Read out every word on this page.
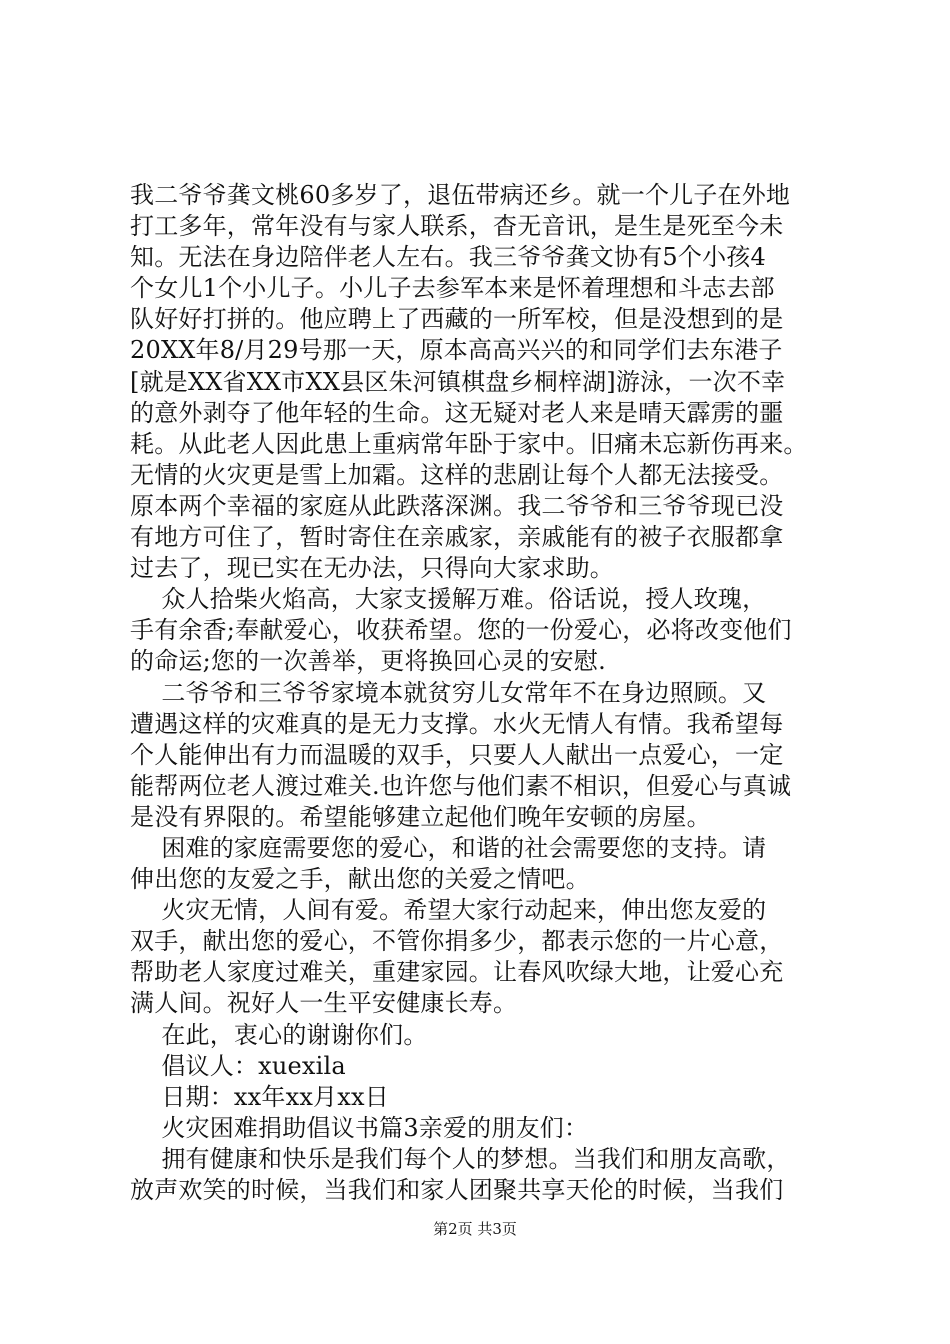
我二爷爷龚文桃60多岁了，退伍带病还乡。就一个儿子在外地
打工多年，常年没有与家人联系，杳无音讯，是生是死至今未
知。无法在身边陪伴老人左右。我三爷爷龚文协有5个小孩4
个女儿1个小儿子。小儿子去参军本来是怀着理想和斗志去部
队好好打拼的。他应聘上了西藏的一所军校，但是没想到的是
20XX年8/月29号那一天，原本高高兴兴的和同学们去东港子
[就是XX省XX市XX县区朱河镇棋盘乡桐梓湖]游泳，一次不幸
的意外剥夺了他年轻的生命。这无疑对老人来是晴天霹雳的噩
耗。从此老人因此患上重病常年卧于家中。旧痛未忘新伤再来。
无情的火灾更是雪上加霜。这样的悲剧让每个人都无法接受。
原本两个幸福的家庭从此跌落深渊。我二爷爷和三爷爷现已没
有地方可住了，暂时寄住在亲戚家，亲戚能有的被子衣服都拿
过去了，现已实在无办法，只得向大家求助。
众人拾柴火焰高，大家支援解万难。俗话说，授人玫瑰，
手有余香;奉献爱心，收获希望。您的一份爱心，必将改变他们
的命运;您的一次善举，更将换回心灵的安慰.
二爷爷和三爷爷家境本就贫穷儿女常年不在身边照顾。又
遭遇这样的灾难真的是无力支撑。水火无情人有情。我希望每
个人能伸出有力而温暖的双手，只要人人献出一点爱心，一定
能帮两位老人渡过难关.也许您与他们素不相识，但爱心与真诚
是没有界限的。希望能够建立起他们晚年安顿的房屋。
困难的家庭需要您的爱心，和谐的社会需要您的支持。请
伸出您的友爱之手，献出您的关爱之情吧。
火灾无情，人间有爱。希望大家行动起来，伸出您友爱的
双手，献出您的爱心，不管你捐多少，都表示您的一片心意，
帮助老人家度过难关，重建家园。让春风吹绿大地，让爱心充
满人间。祝好人一生平安健康长寿。
在此，衷心的谢谢你们。
倡议人：xuexila
日期：xx年xx月xx日
火灾困难捐助倡议书篇3亲爱的朋友们：
拥有健康和快乐是我们每个人的梦想。当我们和朋友高歌，
放声欢笑的时候，当我们和家人团聚共享天伦的时候，当我们
第2页 共3页
